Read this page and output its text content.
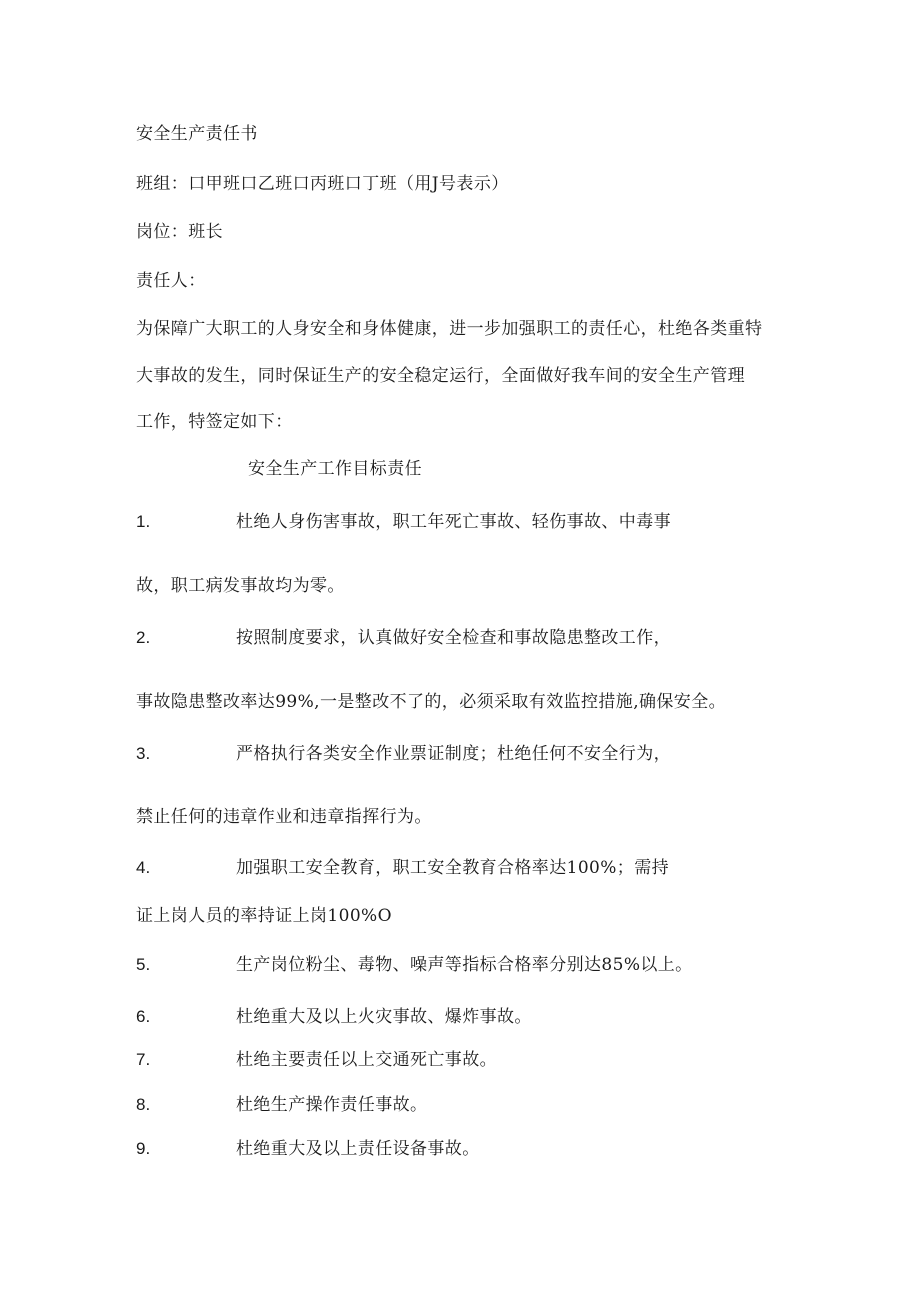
安全生产责任书
班组：口甲班口乙班口丙班口丁班（用J号表示）
岗位：班长
责任人：
为保障广大职工的人身安全和身体健康，进一步加强职工的责任心，杜绝各类重特
大事故的发生，同时保证生产的安全稳定运行，全面做好我车间的安全生产管理
工作，特签定如下：
安全生产工作目标责任
1.	杜绝人身伤害事故，职工年死亡事故、轻伤事故、中毒事
故，职工病发事故均为零。
2.	按照制度要求，认真做好安全检查和事故隐患整改工作，
事故隐患整改率达99%,一是整改不了的，必须采取有效监控措施,确保安全。
3.	严格执行各类安全作业票证制度；杜绝任何不安全行为，
禁止任何的违章作业和违章指挥行为。
4.	加强职工安全教育，职工安全教育合格率达100%；需持
证上岗人员的率持证上岗100%O
5.	生产岗位粉尘、毒物、噪声等指标合格率分别达85%以上。
6.	杜绝重大及以上火灾事故、爆炸事故。
7.	杜绝主要责任以上交通死亡事故。
8.	杜绝生产操作责任事故。
9.	杜绝重大及以上责任设备事故。
